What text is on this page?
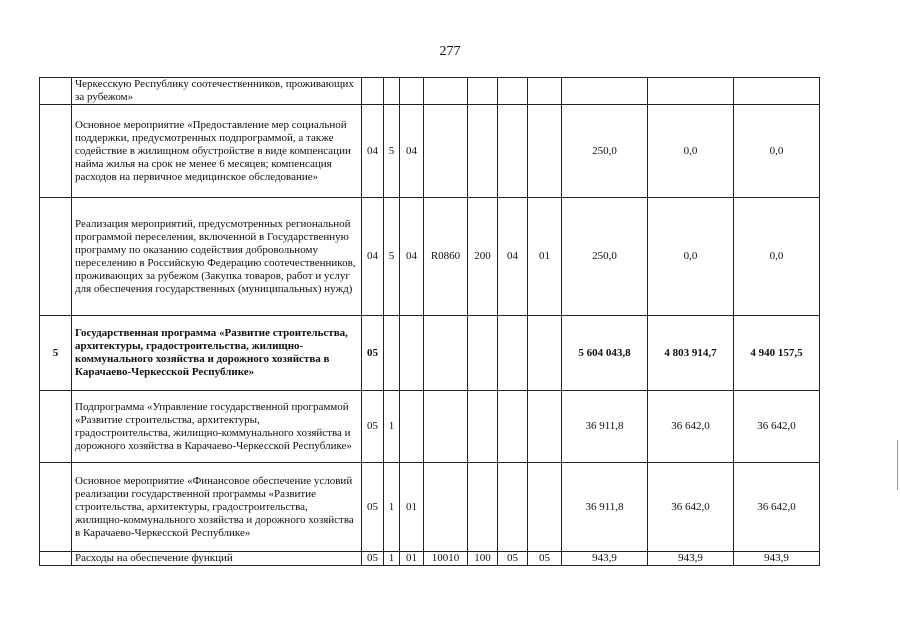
277
	Черкесскую Республику соотечественников, проживающих за рубежом»										
	Основное мероприятие «Предоставление мер социальной поддержки, предусмотренных подпрограммой, а также содействие в жилищном обустройстве в виде компенсации найма жилья на срок не менее 6 месяцев; компенсация расходов на первичное медицинское обследование»	04	5	04					250,0	0,0	0,0
	Реализация мероприятий, предусмотренных региональной программой переселения, включенной в Государственную программу по оказанию содействия добровольному переселению в Российскую Федерацию соотечественников, проживающих за рубежом (Закупка товаров, работ и услуг для обеспечения государственных (муниципальных) нужд)	04	5	04	R0860	200	04	01	250,0	0,0	0,0
5	Государственная программа «Развитие строительства, архитектуры, градостроительства, жилищно-коммунального хозяйства и дорожного хозяйства в Карачаево-Черкесской Республике»	05							5 604 043,8	4 803 914,7	4 940 157,5
	Подпрограмма «Управление государственной программой «Развитие строительства, архитектуры, градостроительства, жилищно-коммунального хозяйства и дорожного хозяйства в Карачаево-Черкесской Республике»	05	1						36 911,8	36 642,0	36 642,0
	Основное мероприятие «Финансовое обеспечение условий реализации государственной программы «Развитие строительства, архитектуры, градостроительства, жилищно-коммунального хозяйства и дорожного хозяйства в Карачаево-Черкесской Республике»	05	1	01					36 911,8	36 642,0	36 642,0
	Расходы на обеспечение функций	05	1	01	10010	100	05	05	943,9	943,9	943,9
